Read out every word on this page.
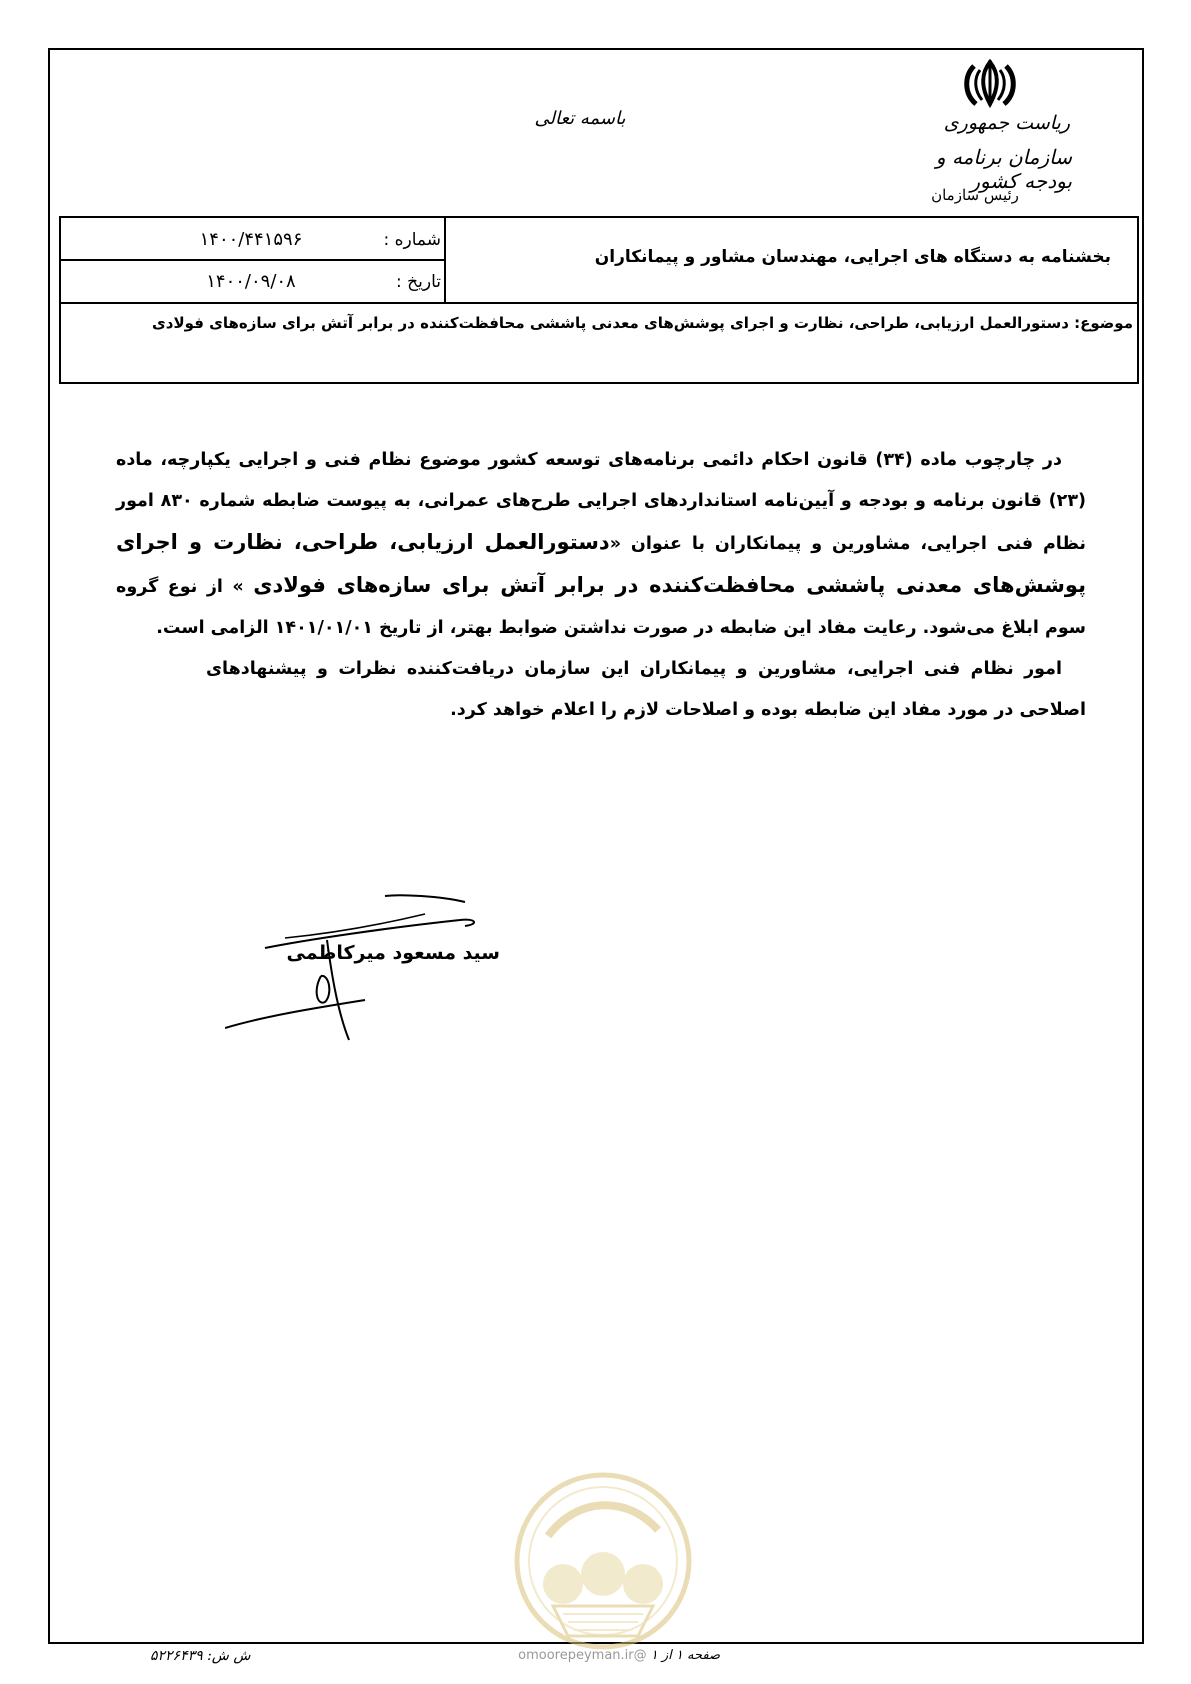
ریاست جمهوری
سازمان برنامه و بودجه کشور
رئیس سازمان
باسمه تعالی
شماره :
۱۴۰۰/۴۴۱۵۹۶
تاریخ :
۱۴۰۰/۰۹/۰۸
بخشنامه به دستگاه های اجرایی، مهندسان مشاور و پیمانکاران
موضوع: دستورالعمل ارزیابی، طراحی، نظارت و اجرای پوشش‌های معدنی پاششی محافظت‌کننده در برابر آتش برای سازه‌های فولادی

در چارچوب ماده (۳۴) قانون احکام دائمی برنامه‌های توسعه کشور موضوع نظام فنی و اجرایی یکپارچه، ماده (۲۳) قانون برنامه و بودجه و آیین‌نامه استانداردهای اجرایی طرح‌های عمرانی، به پیوست ضابطه شماره ۸۳۰ امور نظام فنی اجرایی، مشاورین و پیمانکاران با عنوان «دستورالعمل ارزیابی، طراحی، نظارت و اجرای پوشش‌های معدنی پاششی محافظت‌کننده در برابر آتش برای سازه‌های فولادی » از نوع گروه سوم ابلاغ می‌شود. رعایت مفاد این ضابطه در صورت نداشتن ضوابط بهتر، از تاریخ ۱۴۰۱/۰۱/۰۱ الزامی است.

امور نظام فنی اجرایی، مشاورین و پیمانکاران این سازمان دریافت‌کننده نظرات و پیشنهادهای اصلاحی در مورد مفاد این ضابطه بوده و اصلاحات لازم را اعلام خواهد کرد.

سید مسعود میرکاظمی
ش ش: ۵۲۲۶۴۳۹	صفحه ۱ از ۱ @omoorepeyman.ir
